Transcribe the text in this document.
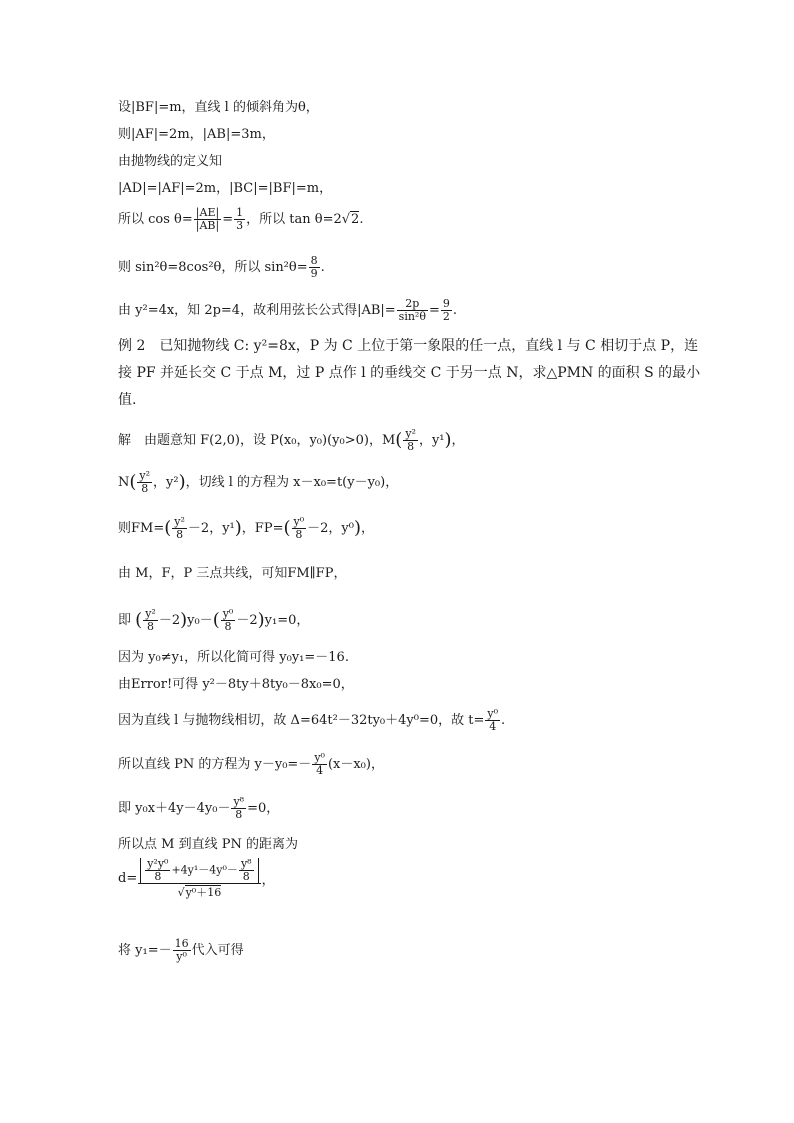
设|BF|=m，直线 l 的倾斜角为θ，
则|AF|=2m，|AB|=3m，
由抛物线的定义知
|AD|=|AF|=2m，|BC|=|BF|=m，
所以 $\cos \theta= \frac{|AE|}{|AB|} = \frac{1}{3}$ ，所以 tan θ=2√2.
则 sin²θ=8cos²θ，所以 $\sin^2\theta= \frac{8}{9}$ .
由 y²=4x，知 2p=4，故利用弦长公式得$|AB|= \frac{2p}{\text{sin²θ}} = \frac{9}{2}$ .
例 2　已知抛物线 C: y²=8x，P 为 C 上位于第一象限的任一点，直线 l 与 C 相切于点 P，连
接 PF 并延长交 C 于点 M，过 P 点作 l 的垂线交 C 于另一点 N，求△PMN 的面积 S 的最小
值.
解　由题意知 F(2,0)，设 P(x₀，y₀)(y₀>0)，$M( \frac{\text{y²}}{8}$ ，y¹)，
$N( \frac{\text{y²}}{8}$ ，y²)，切线 l 的方程为 x－x₀=t(y－y₀)，
则$FM=( \frac{\text{y²}}{8} -2$，y¹)，$FP=( \frac{\text{y⁰}}{8} -2$，y⁰)，
由 M，F，P 三点共线，可知FM∥FP，
即 ( $\frac{\text{y²}}{8} -2)y_0-( \frac{\text{y⁰}}{8} -2)y_1=0$，
因为 y₀≠y₁，所以化简可得 y₀y₁=－16.
由Error!可得 y²－8ty＋8ty₀－8x₀=0，
因为直线 l 与抛物线相切，故 Δ=64t²－32ty₀＋4y⁰=0，故 $t= \frac{\text{y⁰}}{4}$ .
所以直线 PN 的方程为 $y-y_0=- \frac{\text{y⁰}}{4} (x-x_0)$，
即 $y_0x+4y-4y_0- \frac{\text{y⁸}}{8} =0$，
所以点 M 到直线 PN 的距离为
$d= \frac{\frac{\text{y²y⁰}}{8} +4y^1-4y^0- \frac{\text{y⁸}}{8}}{\text{√y⁰＋16}}$ ，
将 $y_1=- \frac{16}{\text{y⁰}}$ 代入可得
